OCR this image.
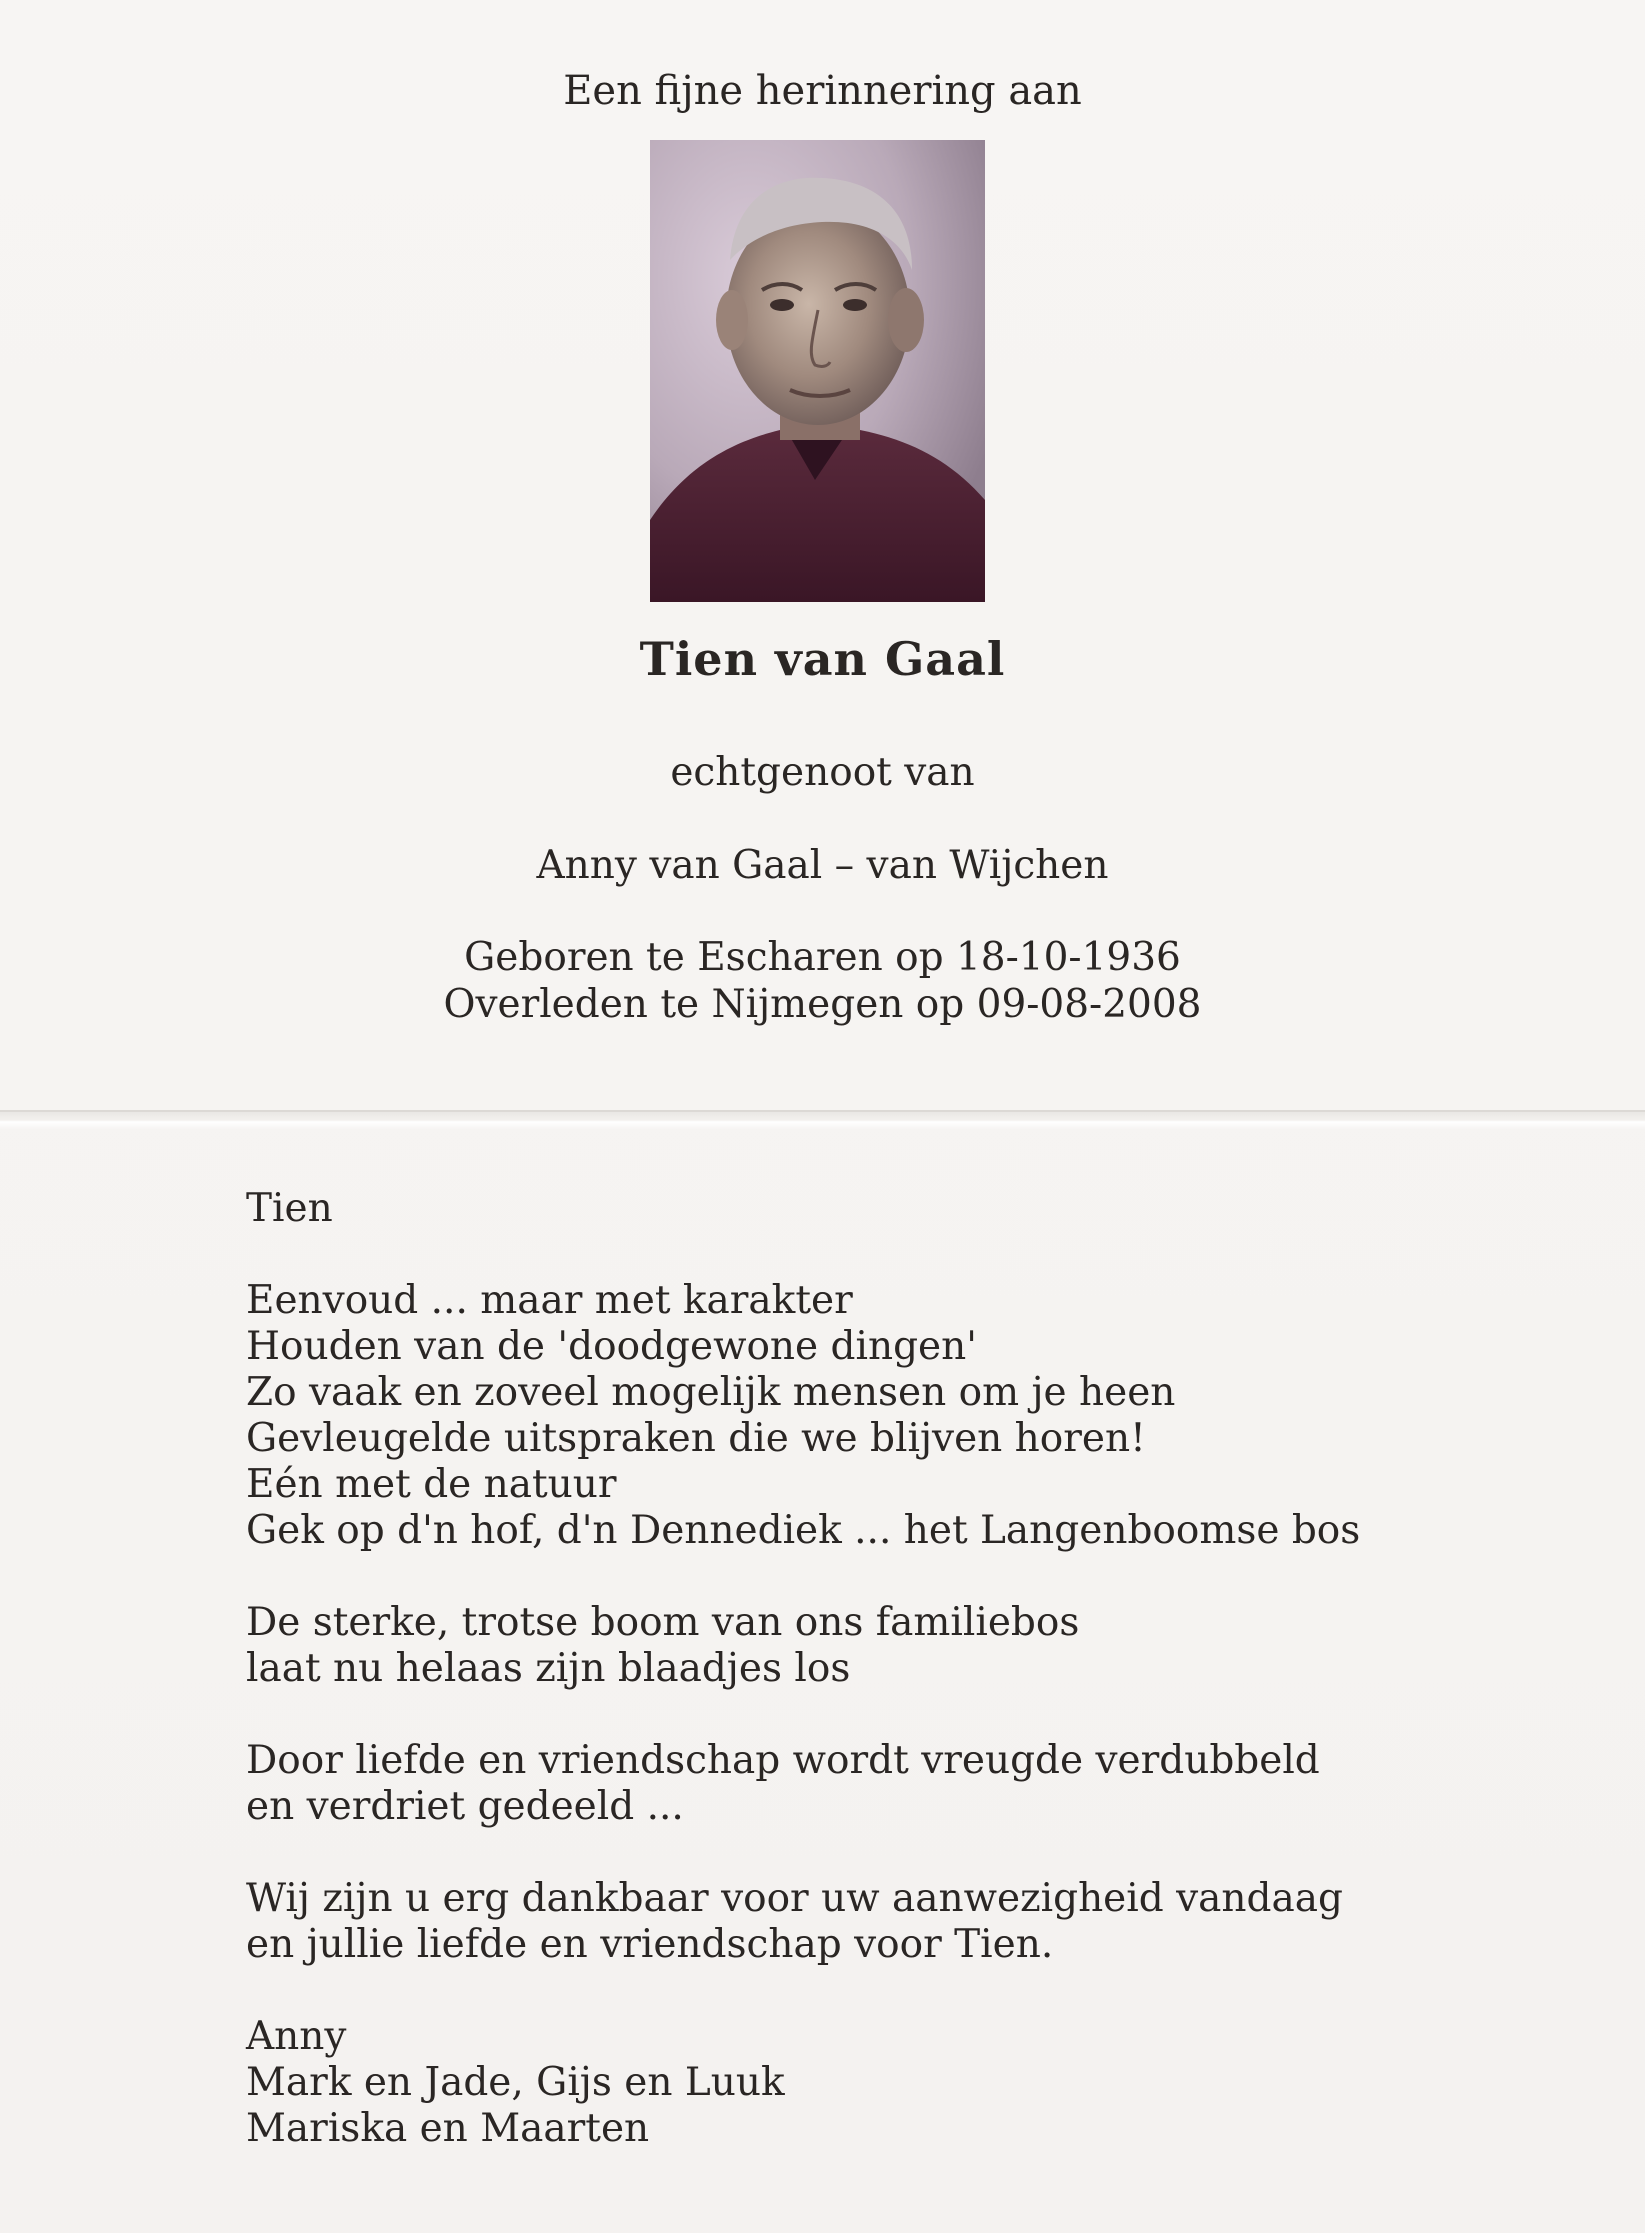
Een fijne herinnering aan
Tien van Gaal
echtgenoot van
Anny van Gaal – van Wijchen
Geboren te Escharen op 18-10-1936
Overleden te Nijmegen op 09-08-2008
Tien
Eenvoud ... maar met karakter
Houden van de 'doodgewone dingen'
Zo vaak en zoveel mogelijk mensen om je heen
Gevleugelde uitspraken die we blijven horen!
Eén met de natuur
Gek op d'n hof, d'n Dennediek ... het Langenboomse bos
De sterke, trotse boom van ons familiebos
laat nu helaas zijn blaadjes los
Door liefde en vriendschap wordt vreugde verdubbeld
en verdriet gedeeld ...
Wij zijn u erg dankbaar voor uw aanwezigheid vandaag
en jullie liefde en vriendschap voor Tien.
Anny
Mark en Jade, Gijs en Luuk
Mariska en Maarten
